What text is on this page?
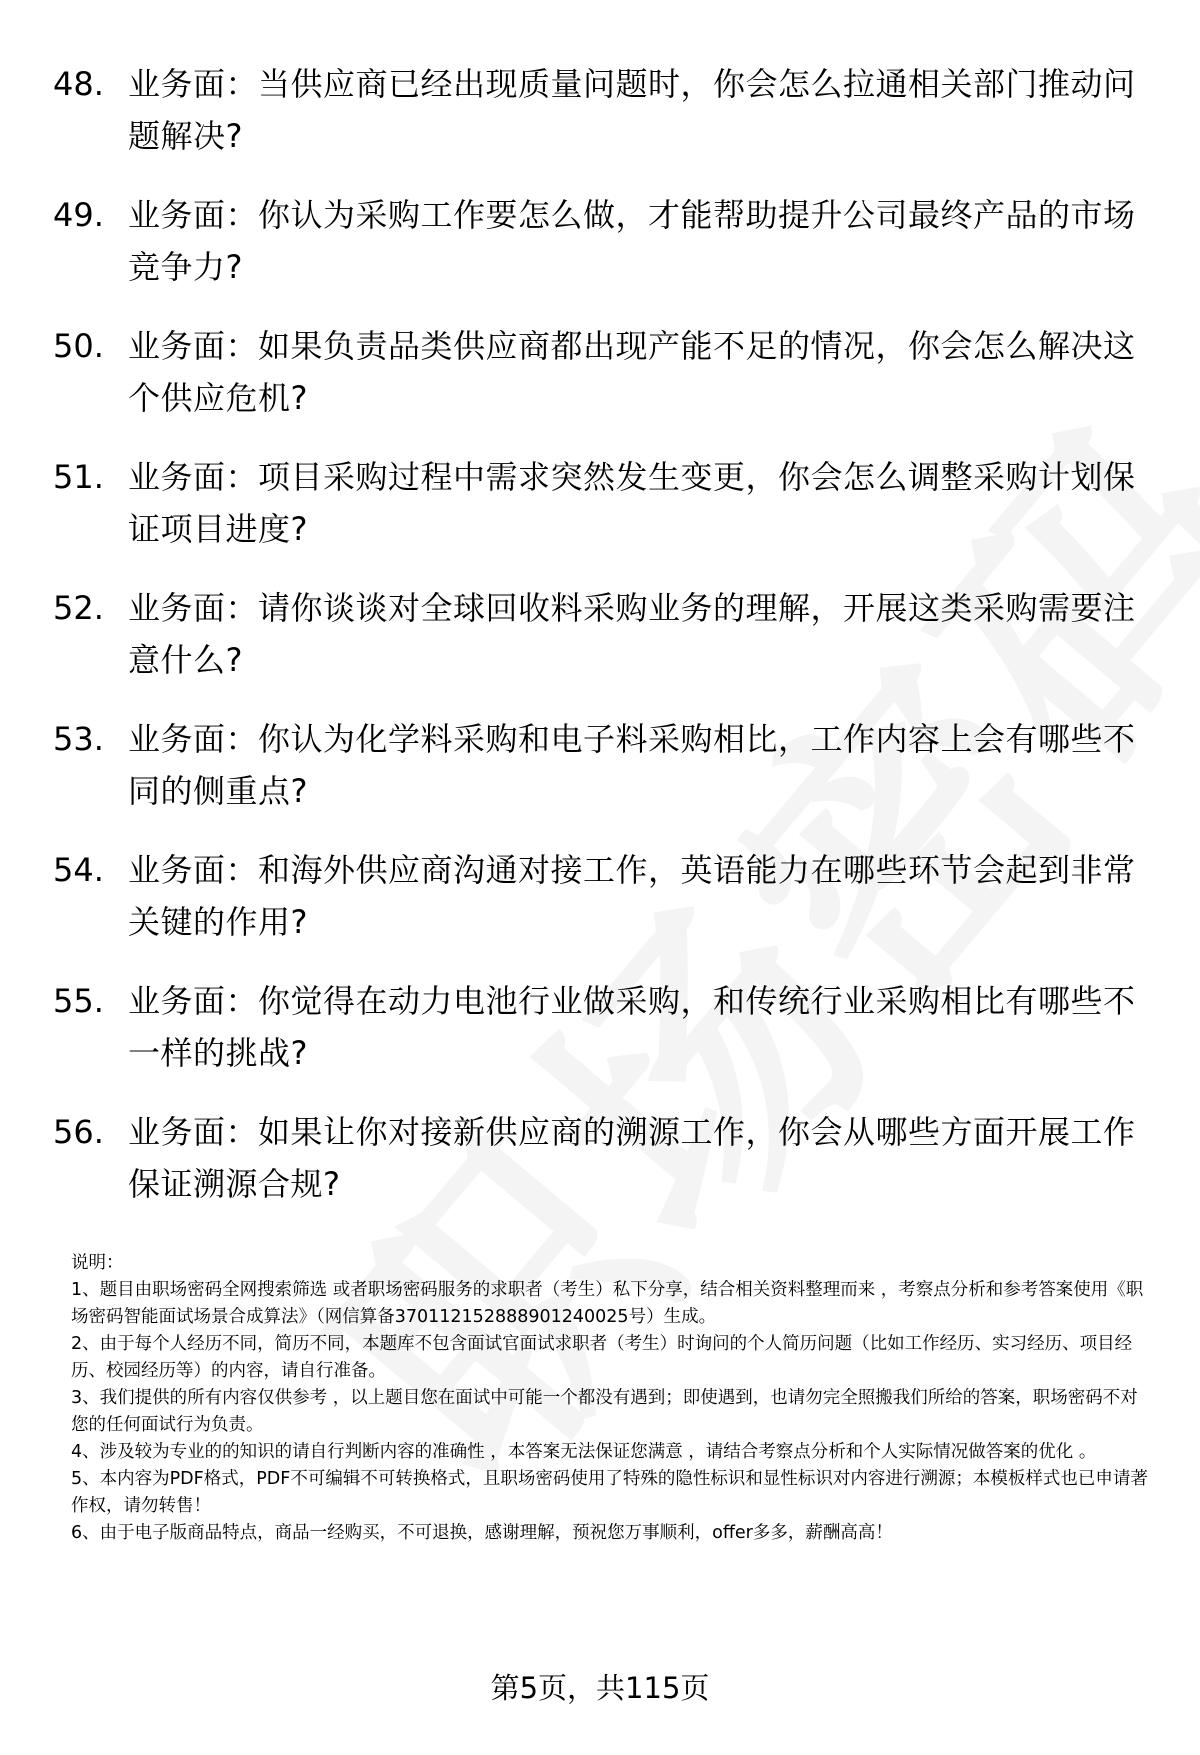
48. 业务面：当供应商已经出现质量问题时，你会怎么拉通相关部门推动问题解决?
49. 业务面：你认为采购工作要怎么做，才能帮助提升公司最终产品的市场竞争力?
50. 业务面：如果负责品类供应商都出现产能不足的情况，你会怎么解决这个供应危机?
51. 业务面：项目采购过程中需求突然发生变更，你会怎么调整采购计划保证项目进度?
52. 业务面：请你谈谈对全球回收料采购业务的理解，开展这类采购需要注意什么?
53. 业务面：你认为化学料采购和电子料采购相比，工作内容上会有哪些不同的侧重点?
54. 业务面：和海外供应商沟通对接工作，英语能力在哪些环节会起到非常关键的作用?
55. 业务面：你觉得在动力电池行业做采购，和传统行业采购相比有哪些不一样的挑战?
56. 业务面：如果让你对接新供应商的溯源工作，你会从哪些方面开展工作保证溯源合规?

说明：

1、题目由职场密码全网搜索筛选 或者职场密码服务的求职者（考生）私下分享，结合相关资料整理而来 ，考察点分析和参考答案使用《职场密码智能面试场景合成算法》（网信算备370112152888901240025号）生成。

2、由于每个人经历不同，简历不同，本题库不包含面试官面试求职者（考生）时询问的个人简历问题（比如工作经历、实习经历、项目经历、校园经历等）的内容，请自行准备。

3、我们提供的所有内容仅供参考 ，以上题目您在面试中可能一个都没有遇到；即使遇到，也请勿完全照搬我们所给的答案，职场密码不对您的任何面试行为负责。

4、涉及较为专业的的知识的请自行判断内容的准确性 ，本答案无法保证您满意 ，请结合考察点分析和个人实际情况做答案的优化 。

5、本内容为PDF格式，PDF不可编辑不可转换格式，且职场密码使用了特殊的隐性标识和显性标识对内容进行溯源；本模板样式也已申请著作权，请勿转售！

6、由于电子版商品特点，商品一经购买，不可退换，感谢理解，预祝您万事顺利，offer多多，薪酬高高！

第5页，共115页
